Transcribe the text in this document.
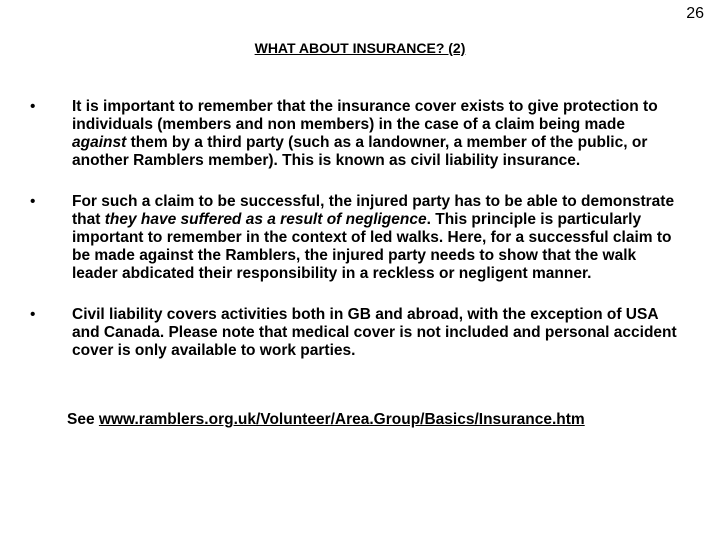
26
WHAT ABOUT INSURANCE? (2)
•	It is important to remember that the insurance cover exists to give protection to individuals (members and non members) in the case of a claim being made against them by a third party (such as a landowner, a member of the public, or another Ramblers member). This is known as civil liability insurance.
•	For such a claim to be successful, the injured party has to be able to demonstrate that they have suffered as a result of negligence. This principle is particularly important to remember in the context of led walks. Here, for a successful claim to be made against the Ramblers, the injured party needs to show that the walk leader abdicated their responsibility in a reckless or negligent manner.
•	Civil liability covers activities both in GB and abroad, with the exception of USA and Canada. Please note that medical cover is not included and personal accident cover is only available to work parties.
See www.ramblers.org.uk/Volunteer/Area.Group/Basics/Insurance.htm
